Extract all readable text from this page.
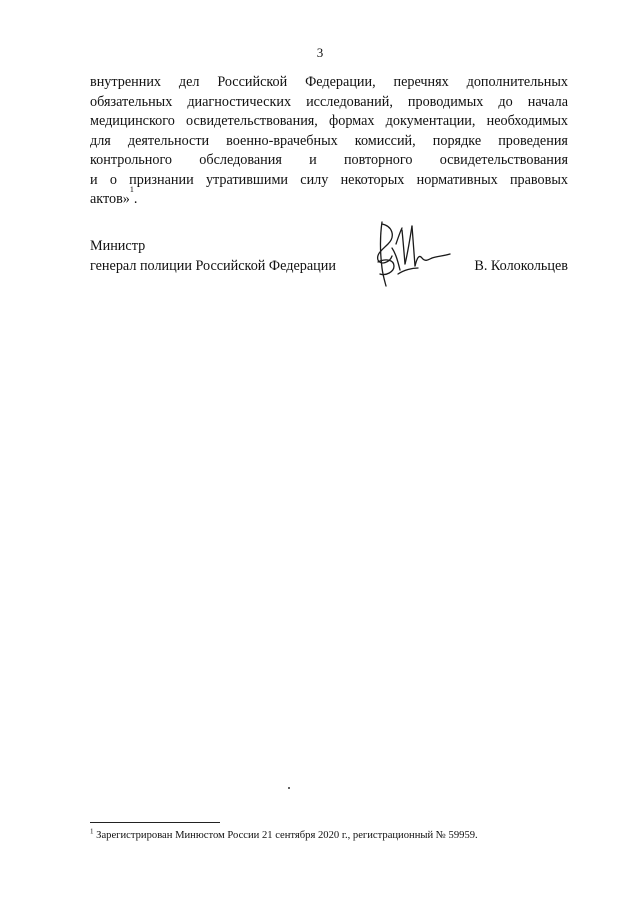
3
внутренних дел Российской Федерации, перечнях дополнительных
обязательных диагностических исследований, проводимых до начала
медицинского освидетельствования, формах документации, необходимых
для деятельности военно-врачебных комиссий, порядке проведения
контрольного обследования и повторного освидетельствования
и о признании утратившими силу некоторых нормативных правовых
актов»
1
.
Министр
генерал полиции Российской Федерации	В. Колокольцев
$^1$ Зарегистрирован Минюстом России 21 сентября 2020 г., регистрационный № 59959.
